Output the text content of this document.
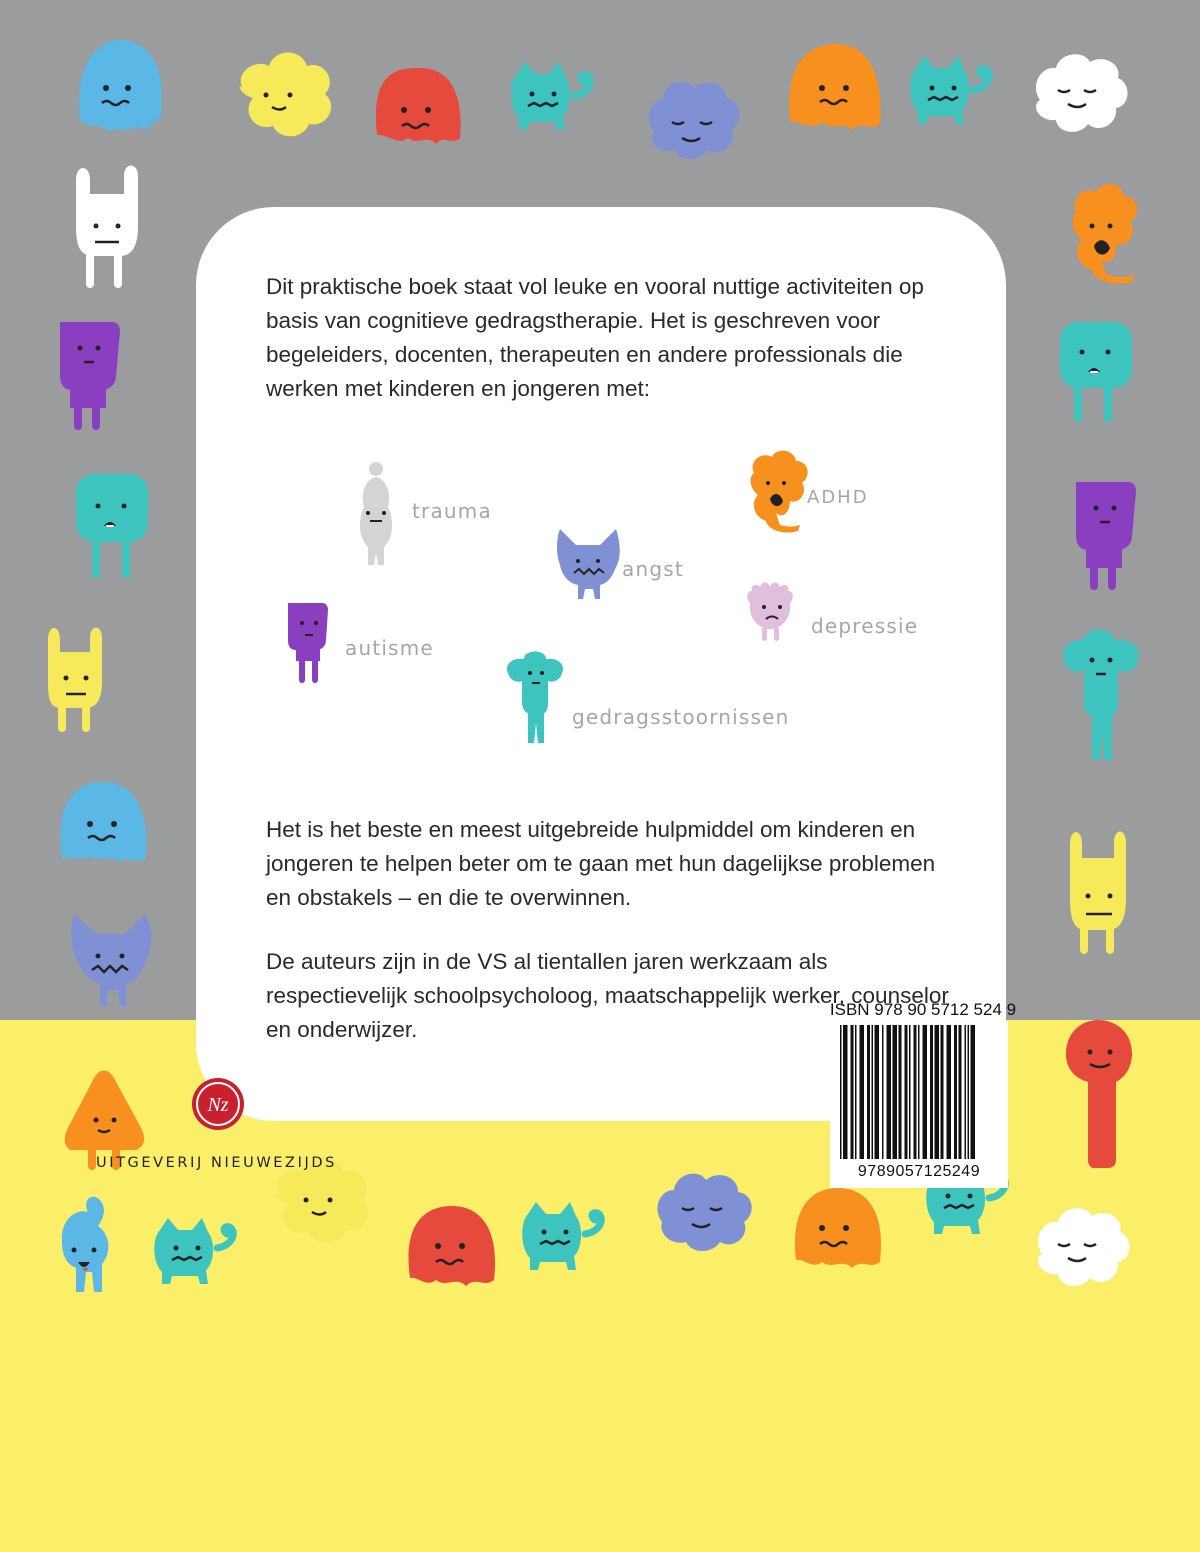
Dit praktische boek staat vol leuke en vooral nuttige activiteiten op basis van cognitieve gedragstherapie. Het is geschreven voor begeleiders, docenten, therapeuten en andere professionals die werken met kinderen en jongeren met:

trauma
ADHD
angst
depressie
autisme
gedragsstoornissen

Het is het beste en meest uitgebreide hulpmiddel om kinderen en jongeren te helpen beter om te gaan met hun dagelijkse problemen en obstakels – en die te overwinnen.

De auteurs zijn in de VS al tientallen jaren werkzaam als respectievelijk schoolpsycholoog, maatschappelijk werker, counselor en onderwijzer.

Nz
UITGEVERIJ NIEUWEZIJDS
ISBN 978 90 5712 524 9
9789057125249
